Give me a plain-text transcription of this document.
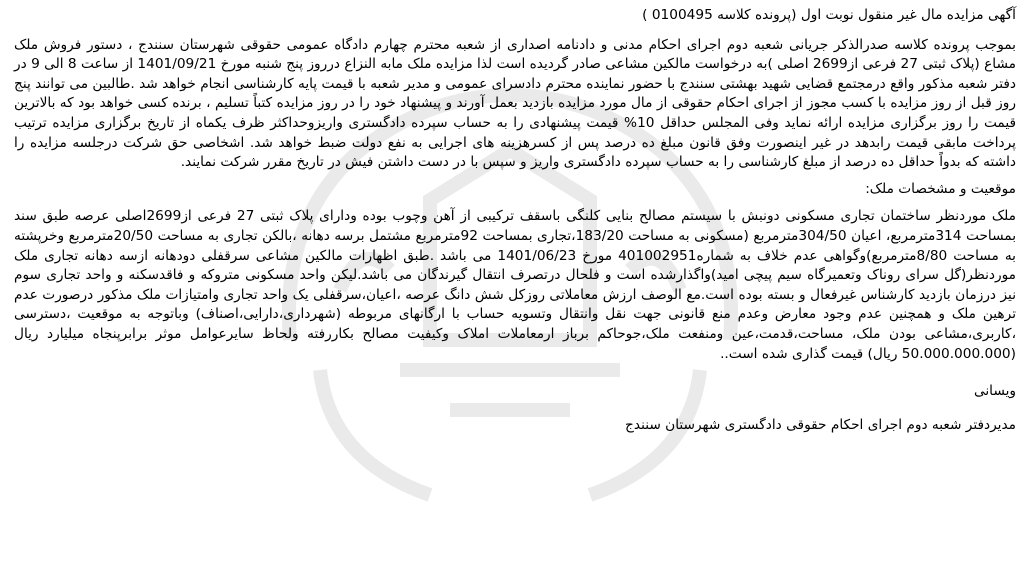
آگهی مزایده مال غیر منقول نوبت اول (پرونده کلاسه 0100495 )

بموجب پرونده کلاسه صدرالذکر جریانی شعبه دوم اجرای احکام مدنی و دادنامه اصداری از شعبه محترم چهارم دادگاه عمومی حقوقی شهرستان سنندج ، دستور فروش ملک مشاع (پلاک ثبتی 27 فرعی از2699 اصلی )به درخواست مالکین مشاعی صادر گردیده است لذا مزایده ملک مابه النزاع درروز پنج شنبه مورخ 1401/09/21 از ساعت 8 الی 9 در دفتر شعبه مذکور واقع درمجتمع قضایی شهید بهشتی سنندج با حضور نماینده محترم دادسرای عمومی و مدیر شعبه با قیمت پایه کارشناسی انجام خواهد شد .طالبین می توانند پنج روز قبل از روز مزایده با کسب مجوز از اجرای احکام حقوقی از مال مورد مزایده بازدید بعمل آورند و پیشنهاد خود را در روز مزایده کتباً تسلیم ، برنده کسی خواهد بود که بالاترین قیمت را روز برگزاری مزایده ارائه نماید وفی المجلس حداقل 10% قیمت پیشنهادی را به حساب سپرده دادگستری واریزوحداکثر ظرف یکماه از تاریخ برگزاری مزایده ترتیب پرداخت مابقی قیمت رابدهد در غیر اینصورت وفق قانون مبلغ ده درصد پس از کسرهزینه های اجرایی به نفع دولت ضبط خواهد شد. اشخاصی حق شرکت درجلسه مزایده را داشته که بدواً حداقل ده درصد از مبلغ کارشناسی را به حساب سپرده دادگستری واریز و سپس با در دست داشتن فیش در تاریخ مقرر شرکت نمایند.

موقعیت و مشخصات ملک:

ملک موردنظر ساختمان تجاری مسکونی دونبش با سیستم مصالح بنایی کلنگی باسقف ترکیبی از آهن وچوب بوده ودارای پلاک ثبتی 27 فرعی از2699اصلی عرصه طبق سند بمساحت 314مترمربع، اعیان 304/50مترمربع (مسکونی به مساحت 183/20،تجاری بمساحت 92مترمربع مشتمل برسه دهانه ،بالکن تجاری به مساحت 20/50مترمربع وخرپشته به مساحت 8/80مترمربع)وگواهی عدم خلاف به شماره401002951 مورخ 1401/06/23 می باشد .طبق اظهارات مالکین مشاعی سرقفلی دودهانه ازسه دهانه تجاری ملک موردنظر(گل سرای روناک وتعمیرگاه سیم پیچی امید)واگذارشده است و فلحال درتصرف انتقال گیرندگان می باشد.لیکن واحد مسکونی متروکه و فاقدسکنه و واحد تجاری سوم نیز درزمان بازدید کارشناس غیرفعال و بسته بوده است.مع الوصف ارزش معاملاتی روزکل شش دانگ عرصه ،اعیان،سرقفلی یک واحد تجاری وامتیازات ملک مذکور درصورت عدم ترهین ملک و همچنین عدم وجود معارض وعدم منع قانونی جهت نقل وانتقال وتسویه حساب با ارگانهای مربوطه (شهرداری،دارایی،اصناف) وباتوجه به موقعیت ،دسترسی ،کاربری،مشاعی بودن ملک، مساحت،قدمت،عین ومنفعت ملک،جوحاکم برباز ارمعاملات املاک وکیفیت مصالح بکاررفته ولحاظ سایرعوامل موثر برابرپنجاه میلیارد ریال (50.000.000.000 ریال) قیمت گذاری شده است..

ویسانی

مدیردفتر شعبه دوم اجرای احکام حقوقی دادگستری شهرستان سنندج
